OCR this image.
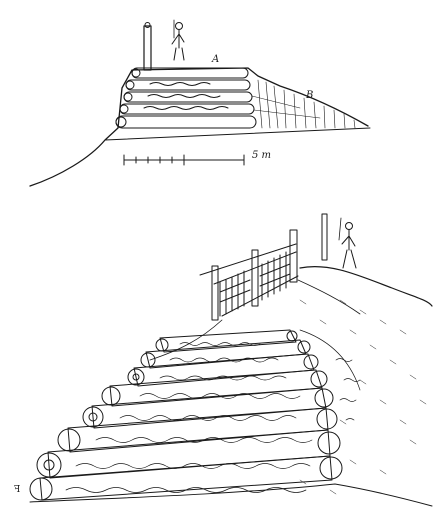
A
B
5 m
ꟻ
